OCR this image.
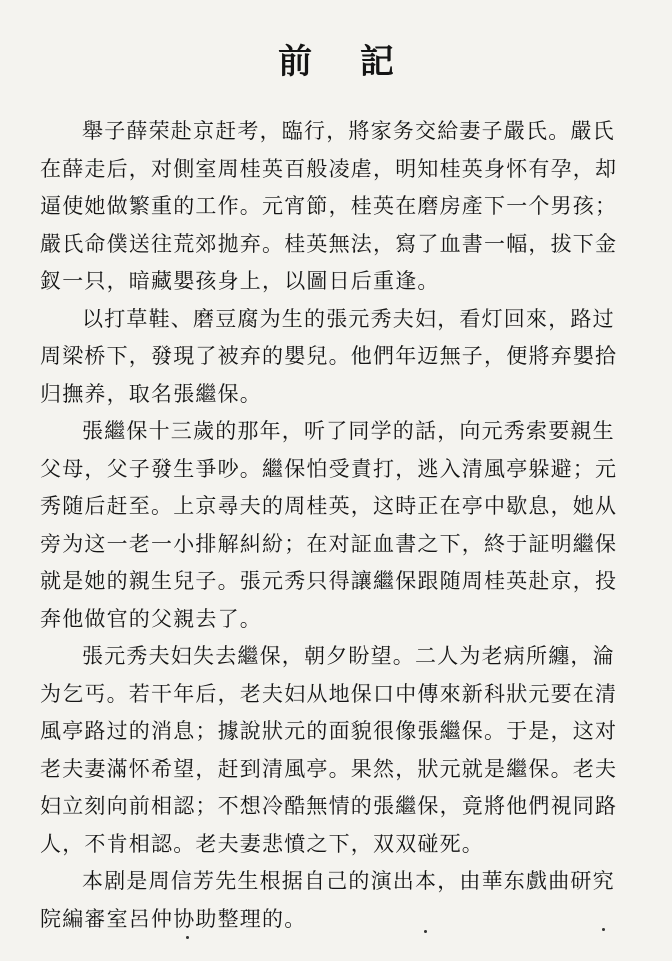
前 記

舉子薛荣赴京赶考，臨行，將家务交給妻子嚴氏。嚴氏
在薛走后，对側室周桂英百般凌虐，明知桂英身怀有孕，却
逼使她做繁重的工作。元宵節，桂英在磨房產下一个男孩；
嚴氏命僕送往荒郊拋弃。桂英無法，寫了血書一幅，拔下金
釵一只，暗藏嬰孩身上，以圖日后重逢。

以打草鞋、磨豆腐为生的張元秀夫妇，看灯回來，路过
周梁桥下，發現了被弃的嬰兒。他們年迈無子，便將弃嬰拾
归撫养，取名張繼保。

張繼保十三歲的那年，听了同学的話，向元秀索要親生
父母，父子發生爭吵。繼保怕受責打，逃入清風亭躲避；元
秀随后赶至。上京尋夫的周桂英，这時正在亭中歇息，她从
旁为这一老一小排解糾紛；在对証血書之下，終于証明繼保
就是她的親生兒子。張元秀只得讓繼保跟随周桂英赴京，投
奔他做官的父親去了。

張元秀夫妇失去繼保，朝夕盼望。二人为老病所纏，淪
为乞丐。若干年后，老夫妇从地保口中傳來新科狀元要在清
風亭路过的消息；據說狀元的面貌很像張繼保。于是，这对
老夫妻滿怀希望，赶到清風亭。果然，狀元就是繼保。老夫
妇立刻向前相認；不想冷酷無情的張繼保，竟將他們視同路
人，不肯相認。老夫妻悲憤之下，双双碰死。

本剧是周信芳先生根据自己的演出本，由華东戲曲研究
院編審室呂仲协助整理的。
